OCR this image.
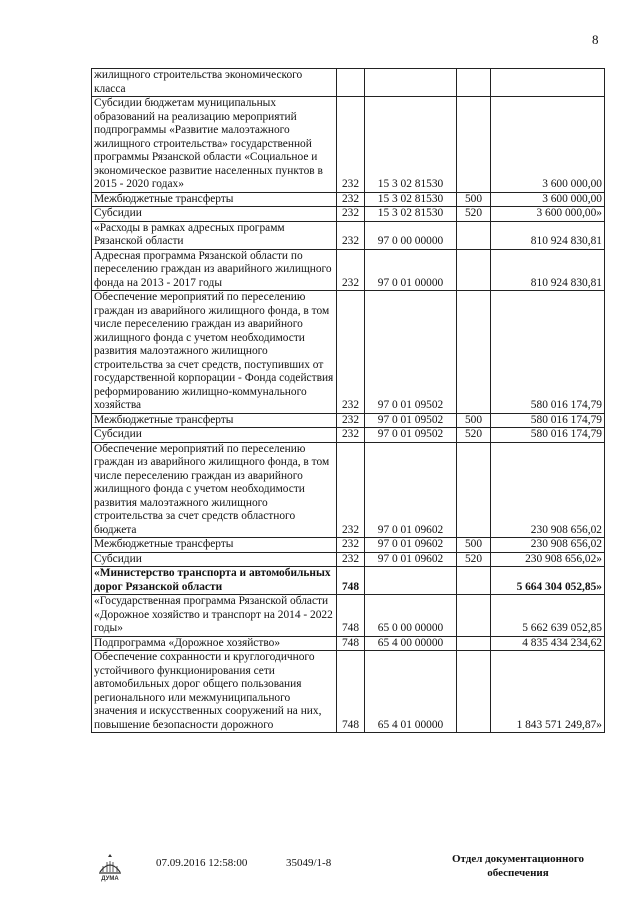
8
жилищного строительства экономического класса				
Субсидии бюджетам муниципальных образований на реализацию мероприятий подпрограммы «Развитие малоэтажного жилищного строительства» государственной программы Рязанской области «Социальное и экономическое развитие населенных пунктов в 2015 - 2020 годах»	232	15 3 02 81530		3 600 000,00
Межбюджетные трансферты	232	15 3 02 81530	500	3 600 000,00
Субсидии	232	15 3 02 81530	520	3 600 000,00»
«Расходы в рамках адресных программ Рязанской области	232	97 0 00 00000		810 924 830,81
Адресная программа Рязанской области по переселению граждан из аварийного жилищного фонда на 2013 - 2017 годы	232	97 0 01 00000		810 924 830,81
Обеспечение мероприятий по переселению граждан из аварийного жилищного фонда, в том числе переселению граждан из аварийного жилищного фонда с учетом необходимости развития малоэтажного жилищного строительства за счет средств, поступивших от государственной корпорации - Фонда содействия реформированию жилищно-коммунального хозяйства	232	97 0 01 09502		580 016 174,79
Межбюджетные трансферты	232	97 0 01 09502	500	580 016 174,79
Субсидии	232	97 0 01 09502	520	580 016 174,79
Обеспечение мероприятий по переселению граждан из аварийного жилищного фонда, в том числе переселению граждан из аварийного жилищного фонда с учетом необходимости развития малоэтажного жилищного строительства за счет средств областного бюджета	232	97 0 01 09602		230 908 656,02
Межбюджетные трансферты	232	97 0 01 09602	500	230 908 656,02
Субсидии	232	97 0 01 09602	520	230 908 656,02»
«Министерство транспорта и автомобильных дорог Рязанской области	748			5 664 304 052,85»
«Государственная программа Рязанской области «Дорожное хозяйство и транспорт на 2014 - 2022 годы»	748	65 0 00 00000		5 662 639 052,85
Подпрограмма «Дорожное хозяйство»	748	65 4 00 00000		4 835 434 234,62
Обеспечение сохранности и круглогодичного устойчивого функционирования сети автомобильных дорог общего пользования регионального или межмуниципального значения и искусственных сооружений на них, повышение безопасности дорожного	748	65 4 01 00000		1 843 571 249,87»
ДУМА
07.09.2016 12:58:00	35049/1-8	Отдел документационного
обеспечения
